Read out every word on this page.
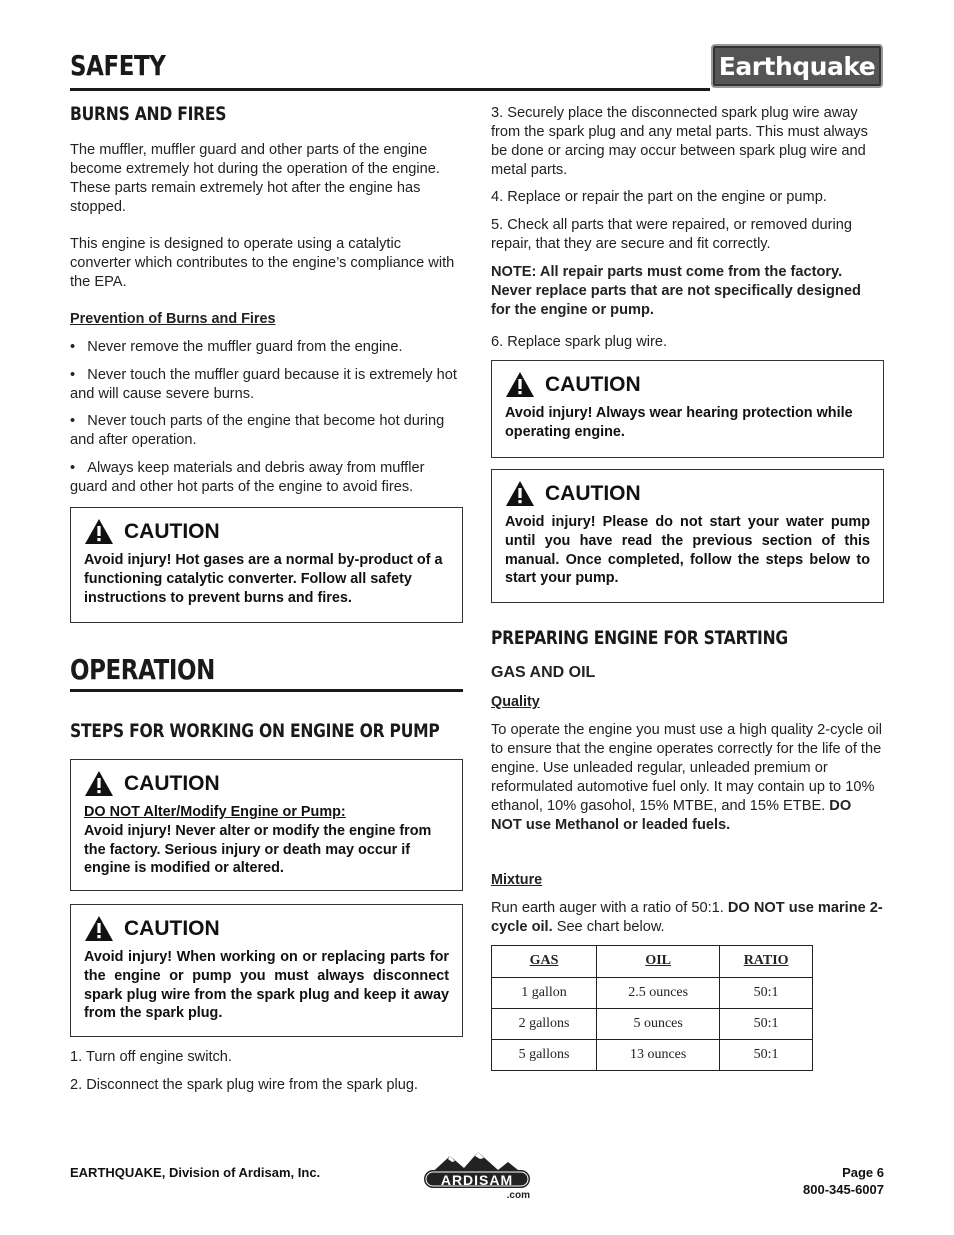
SAFETY	Earthquake
BURNS AND FIRES

The muffler, muffler guard and other parts of the engine become extremely hot during the operation of the engine. These parts remain extremely hot after the engine has stopped.

This engine is designed to operate using a catalytic converter which contributes to the engine’s compliance with the EPA.

Prevention of Burns and Fires

•   Never remove the muffler guard from the engine.

•   Never touch the muffler guard because it is extremely hot and will cause severe burns.

•   Never touch parts of the engine that become hot during and after operation.

•   Always keep materials and debris away from muffler guard and other hot parts of the engine to avoid fires.

CAUTION
Avoid injury! Hot gases are a normal by-product of a functioning catalytic converter. Follow all safety instructions to prevent burns and fires.
OPERATION
STEPS FOR WORKING ON ENGINE OR PUMP
CAUTION
DO NOT Alter/Modify Engine or Pump:
Avoid injury! Never alter or modify the engine from the factory. Serious injury or death may occur if engine is modified or altered.
CAUTION
Avoid injury! When working on or replacing parts for the engine or pump you must always disconnect spark plug wire from the spark plug and keep it away from the spark plug.

1. Turn off engine switch.

2. Disconnect the spark plug wire from the spark plug.

3. Securely place the disconnected spark plug wire away from the spark plug and any metal parts. This must always be done or arcing may occur between spark plug wire and metal parts.

4. Replace or repair the part on the engine or pump.

5. Check all parts that were repaired, or removed during repair, that they are secure and fit correctly.

NOTE: All repair parts must come from the factory. Never replace parts that are not specifically designed for the engine or pump.

6. Replace spark plug wire.

CAUTION
Avoid injury! Always wear hearing protection while operating engine.
CAUTION
Avoid injury! Please do not start your water pump until you have read the previous section of this manual. Once completed, follow the steps below to start your pump.
PREPARING ENGINE FOR STARTING

GAS AND OIL

Quality

To operate the engine you must use a high quality 2-cycle oil to ensure that the engine operates correctly for the life of the engine. Use unleaded regular, unleaded premium or reformulated automotive fuel only. It may contain up to 10% ethanol, 10% gasohol, 15% MTBE, and 15% ETBE. DO NOT use Methanol or leaded fuels.

Mixture

Run earth auger with a ratio of 50:1. DO NOT use marine 2-cycle oil. See chart below.

GAS	OIL	RATIO
1 gallon	2.5 ounces	50:1
2 gallons	5 ounces	50:1
5 gallons	13 ounces	50:1
EARTHQUAKE, Division of Ardisam, Inc.	Page 6
800-345-6007
ARDISAM
.com
